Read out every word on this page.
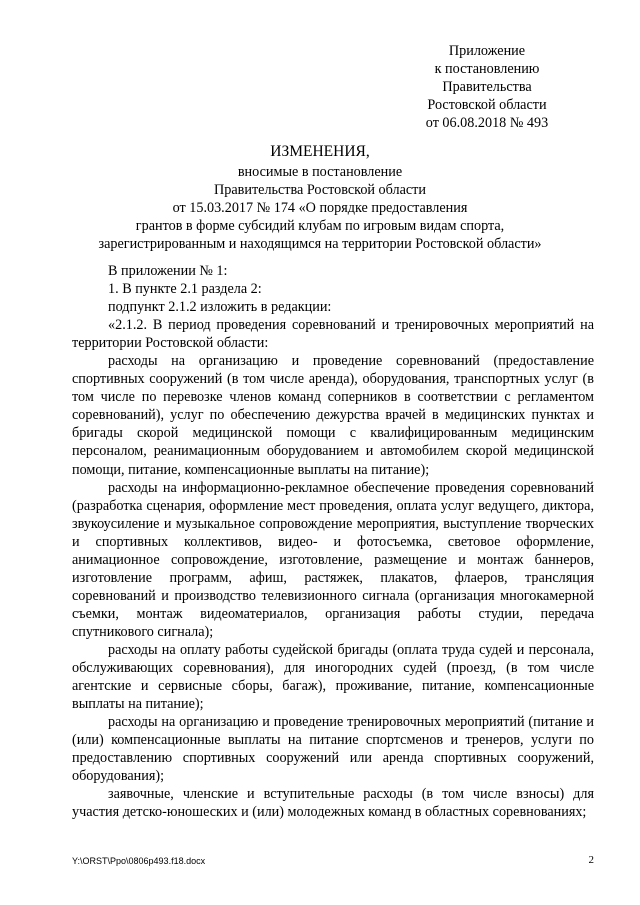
Приложение
к постановлению
Правительства
Ростовской области
от 06.08.2018 № 493
ИЗМЕНЕНИЯ,
вносимые в постановление
Правительства Ростовской области
от 15.03.2017 № 174 «О порядке предоставления
грантов в форме субсидий клубам по игровым видам спорта,
зарегистрированным и находящимся на территории Ростовской области»

В приложении № 1:

1. В пункте 2.1 раздела 2:

подпункт 2.1.2 изложить в редакции:

«2.1.2. В период проведения соревнований и тренировочных мероприятий на территории Ростовской области:

расходы на организацию и проведение соревнований (предоставление спортивных сооружений (в том числе аренда), оборудования, транспортных услуг (в том числе по перевозке членов команд соперников в соответствии с регламентом соревнований), услуг по обеспечению дежурства врачей в медицинских пунктах и бригады скорой медицинской помощи с квалифицированным медицинским персоналом, реанимационным оборудованием и автомобилем скорой медицинской помощи, питание, компенсационные выплаты на питание);

расходы на информационно-рекламное обеспечение проведения соревнований (разработка сценария, оформление мест проведения, оплата услуг ведущего, диктора, звукоусиление и музыкальное сопровождение мероприятия, выступление творческих и спортивных коллективов, видео- и фотосъемка, световое оформление, анимационное сопровождение, изготовление, размещение и монтаж баннеров, изготовление программ, афиш, растяжек, плакатов, флаеров, трансляция соревнований и производство телевизионного сигнала (организация многокамерной съемки, монтаж видеоматериалов, организация работы студии, передача спутникового сигнала);

расходы на оплату работы судейской бригады (оплата труда судей и персонала, обслуживающих соревнования), для иногородних судей (проезд, (в том числе агентские и сервисные сборы, багаж), проживание, питание, компенсационные выплаты на питание);

расходы на организацию и проведение тренировочных мероприятий (питание и (или) компенсационные выплаты на питание спортсменов и тренеров, услуги по предоставлению спортивных сооружений или аренда спортивных сооружений, оборудования);

заявочные, членские и вступительные расходы (в том числе взносы) для участия детско-юношеских и (или) молодежных команд в областных соревнованиях;

Y:\ORST\Ppo\0806p493.f18.docx	2
